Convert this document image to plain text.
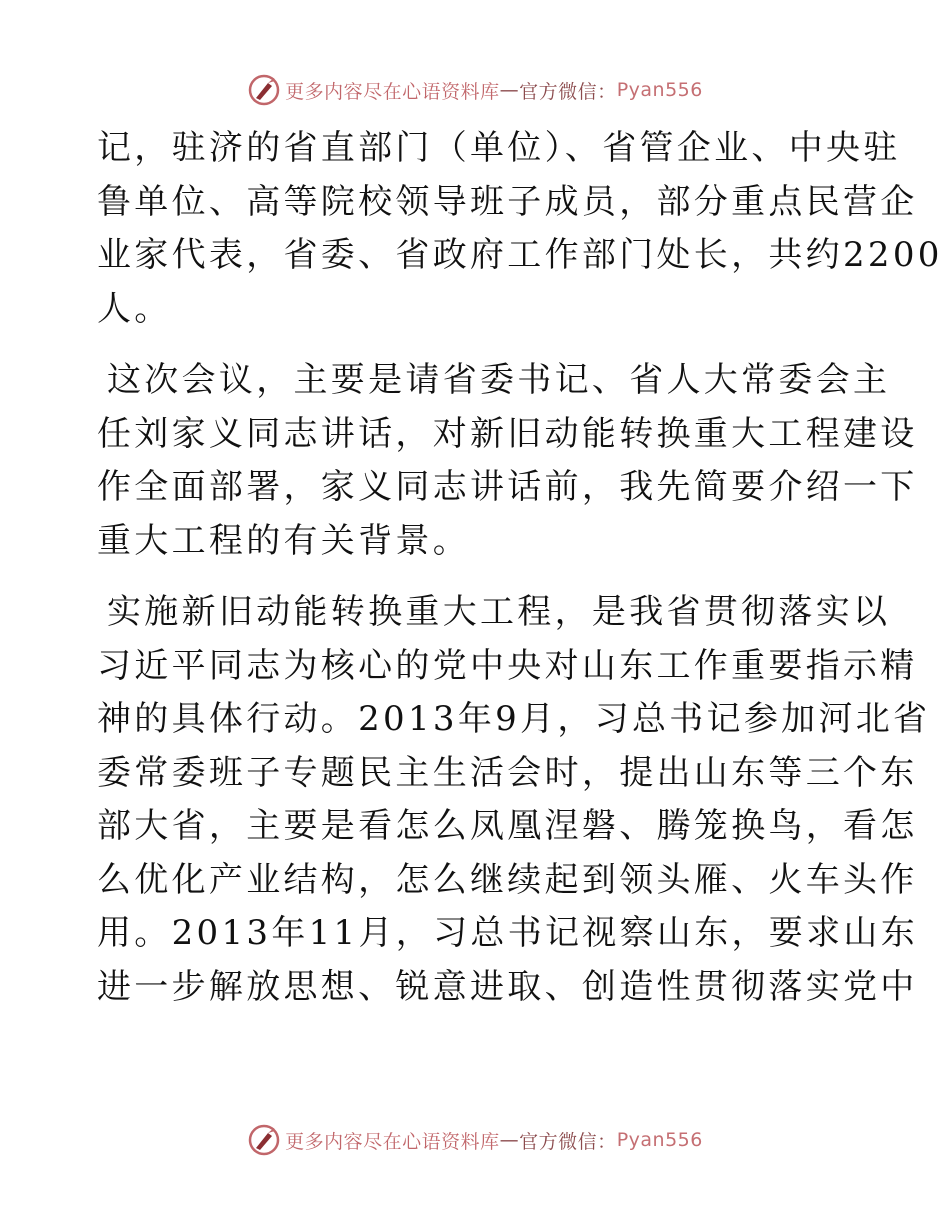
更多内容尽在心语资料库 — 官方微信： Pyan556

记，驻济的省直部门（单位）、省管企业、中央驻
鲁单位、高等院校领导班子成员，部分重点民营企
业家代表，省委、省政府工作部门处长，共约2200
人。

这次会议，主要是请省委书记、省人大常委会主
任刘家义同志讲话，对新旧动能转换重大工程建设
作全面部署，家义同志讲话前，我先简要介绍一下
重大工程的有关背景。

实施新旧动能转换重大工程，是我省贯彻落实以
习近平同志为核心的党中央对山东工作重要指示精
神的具体行动。2013年9月，习总书记参加河北省
委常委班子专题民主生活会时，提出山东等三个东
部大省，主要是看怎么凤凰涅磐、腾笼换鸟，看怎
么优化产业结构，怎么继续起到领头雁、火车头作
用。2013年11月，习总书记视察山东，要求山东
进一步解放思想、锐意进取、创造性贯彻落实党中

更多内容尽在心语资料库 — 官方微信： Pyan556
